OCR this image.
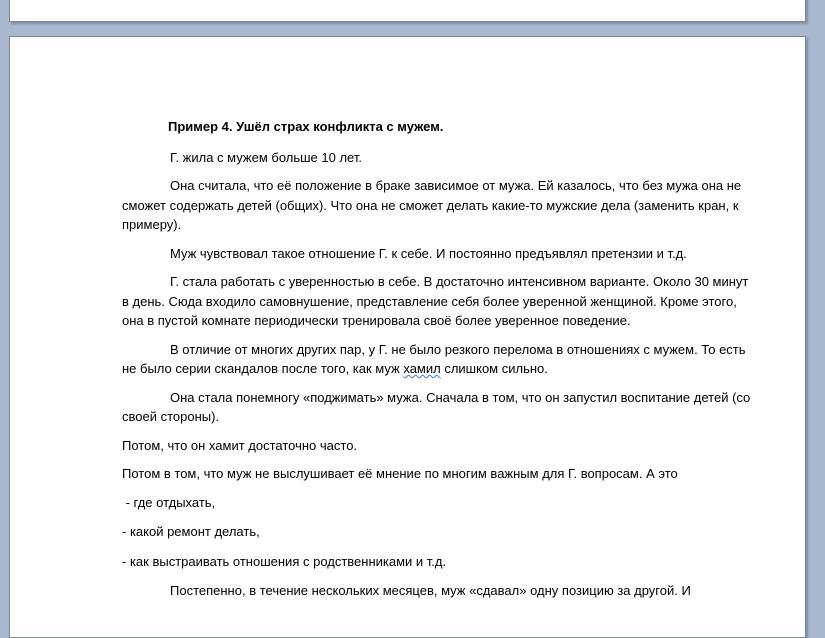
Пример 4. Ушёл страх конфликта с мужем.
Г. жила с мужем больше 10 лет.
Она считала, что её положение в браке зависимое от мужа. Ей казалось, что без мужа она не сможет содержать детей (общих). Что она не сможет делать какие-то мужские дела (заменить кран, к примеру).
Муж чувствовал такое отношение Г. к себе. И постоянно предъявлял претензии и т.д.
Г. стала работать с уверенностью в себе. В достаточно интенсивном варианте. Около 30 минут в день. Сюда входило самовнушение, представление себя более уверенной женщиной. Кроме этого, она в пустой комнате периодически тренировала своё более уверенное поведение.
В отличие от многих других пар, у Г. не было резкого перелома в отношениях с мужем. То есть не было серии скандалов после того, как муж хамил слишком сильно.
Она стала понемногу «поджимать» мужа. Сначала в том, что он запустил воспитание детей (со своей стороны).
Потом, что он хамит достаточно часто.
Потом в том, что муж не выслушивает её мнение по многим важным для Г. вопросам. А это
- где отдыхать,
- какой ремонт делать,
- как выстраивать отношения с родственниками и т.д.
Постепенно, в течение нескольких месяцев, муж «сдавал» одну позицию за другой. И
